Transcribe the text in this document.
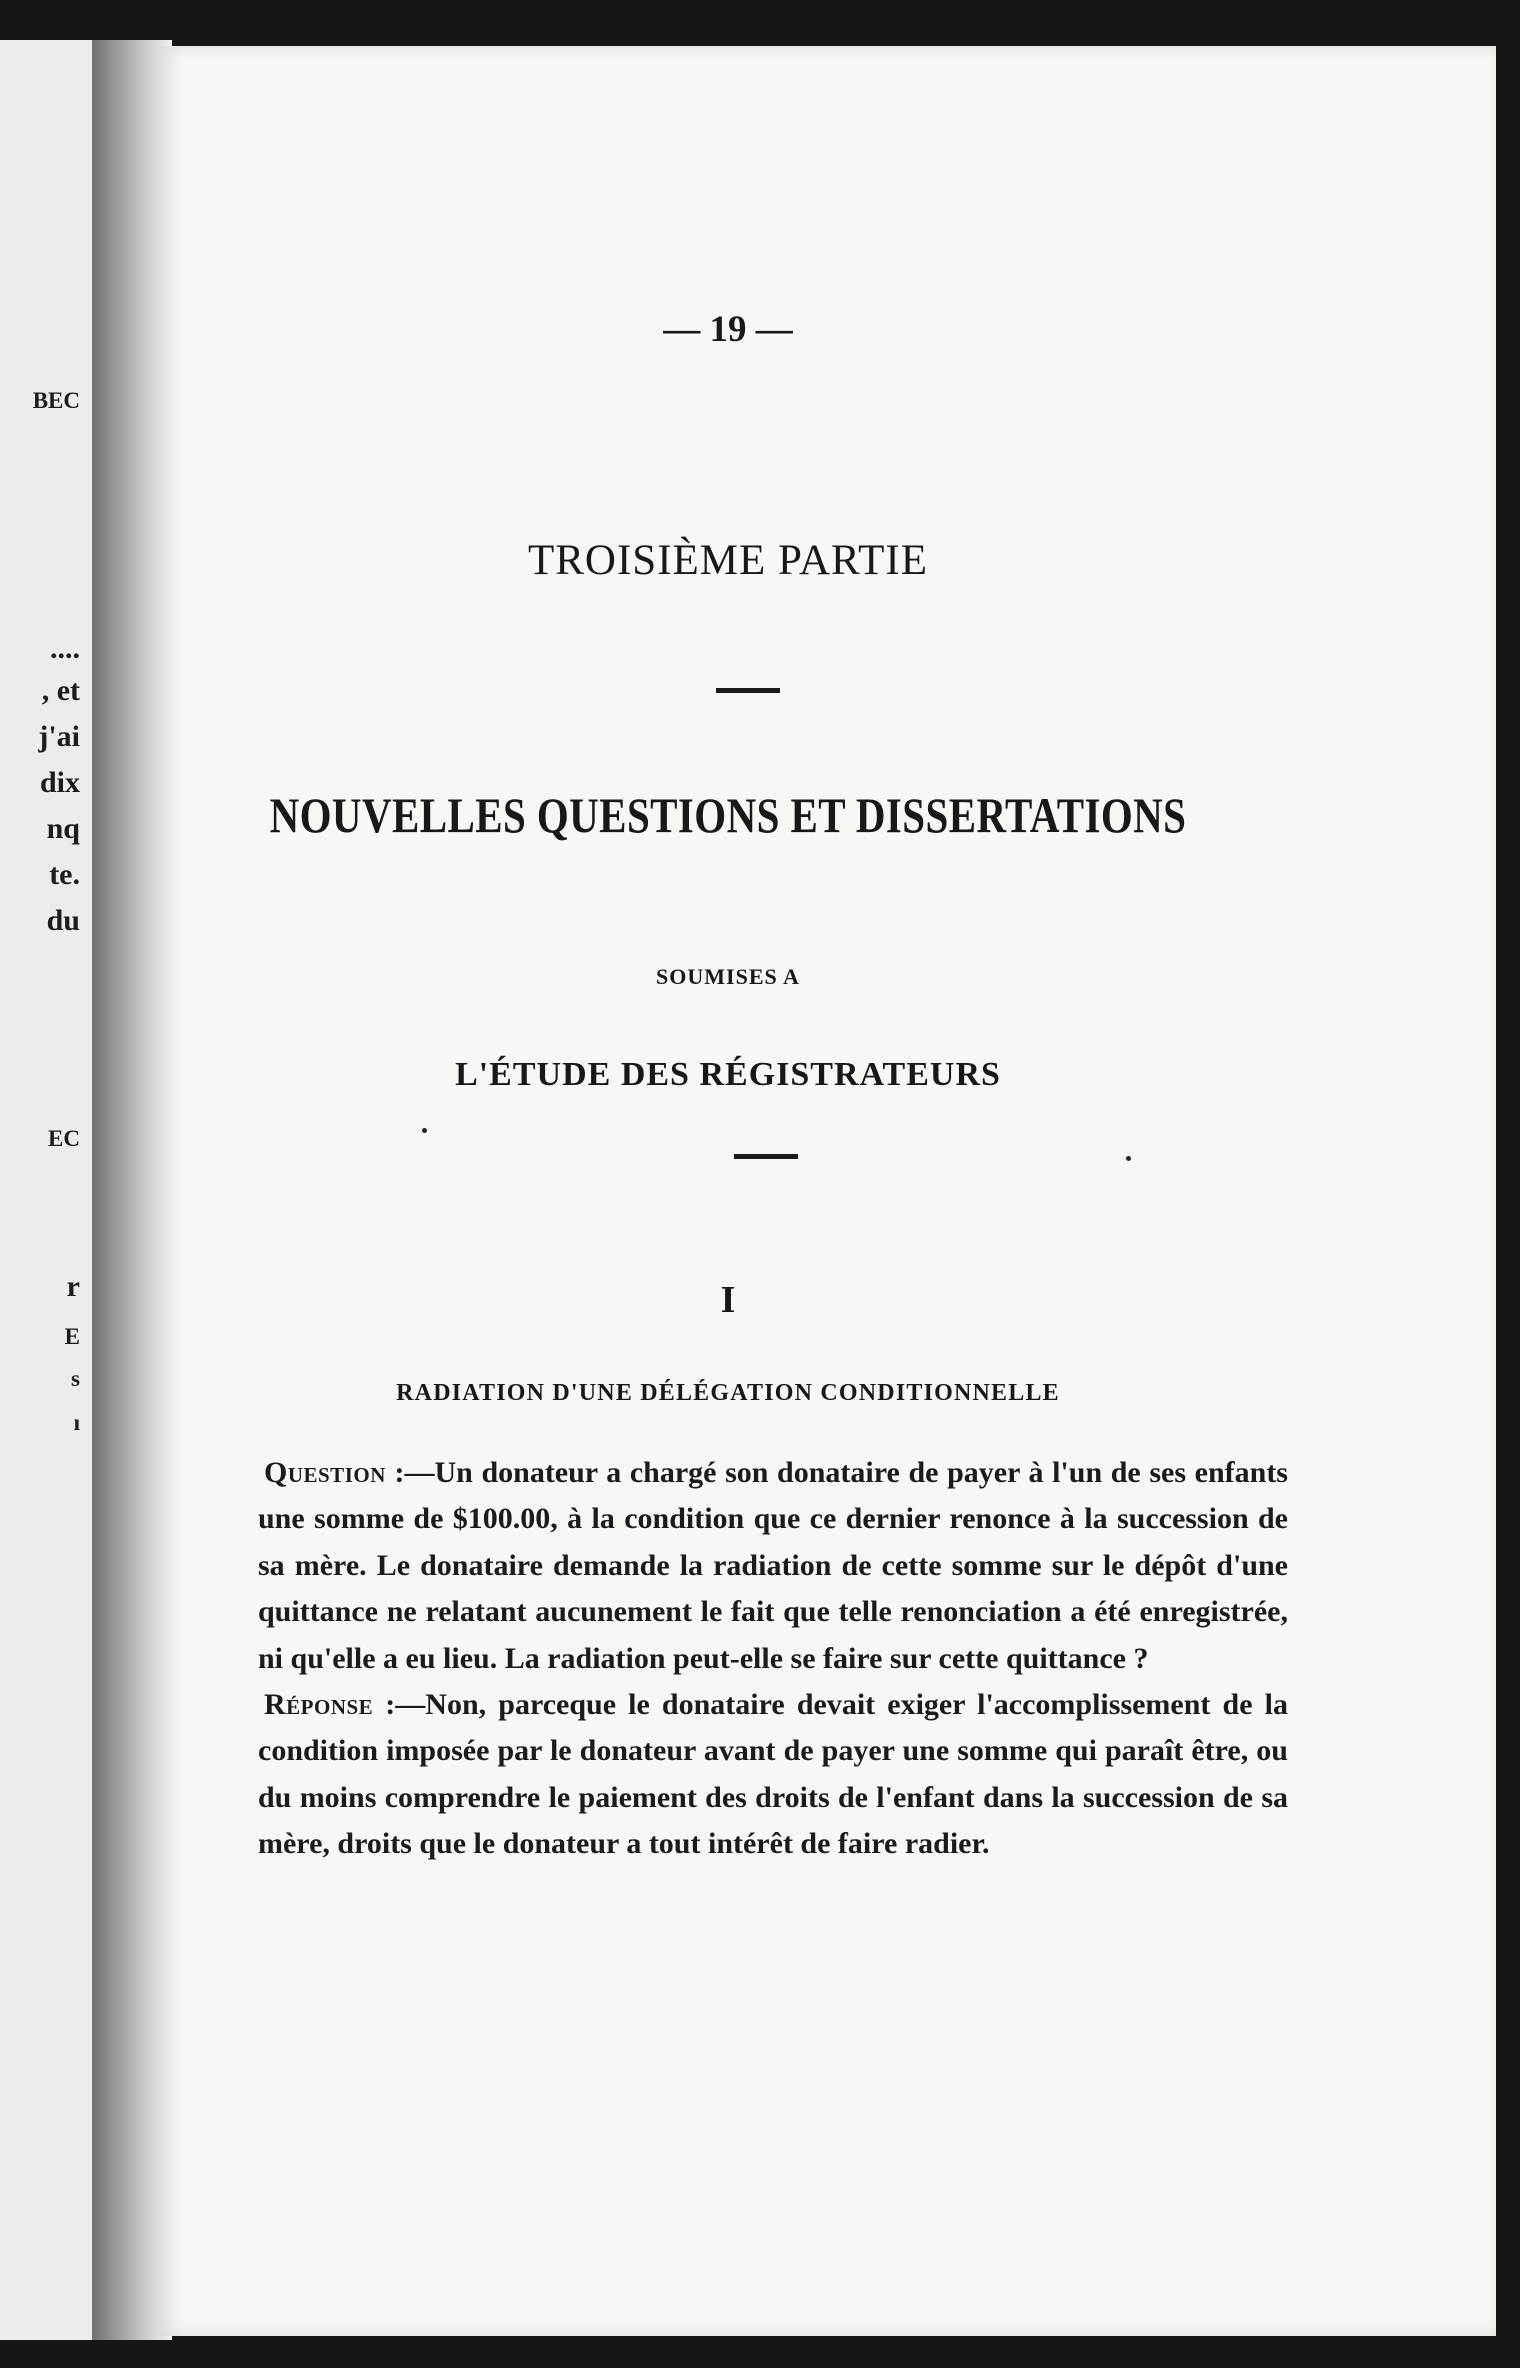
BEC
....
, et
j'ai
dix
nq
te.
du
EC
r
E
s
ı
— 19 —
TROISIÈME PARTIE
NOUVELLES QUESTIONS ET DISSERTATIONS
SOUMISES A
L'ÉTUDE DES RÉGISTRATEURS
I
RADIATION D'UNE DÉLÉGATION CONDITIONNELLE

Question :—Un donateur a chargé son donataire de payer à l'un de ses enfants une somme de $100.00, à la condition que ce dernier renonce à la succession de sa mère. Le donataire demande la radiation de cette somme sur le dépôt d'une quittance ne relatant aucunement le fait que telle renonciation a été enregistrée, ni qu'elle a eu lieu. La radiation peut-elle se faire sur cette quittance ?

Réponse :—Non, parceque le donataire devait exiger l'accomplissement de la condition imposée par le donateur avant de payer une somme qui paraît être, ou du moins comprendre le paiement des droits de l'enfant dans la succession de sa mère, droits que le donateur a tout intérêt de faire radier.
